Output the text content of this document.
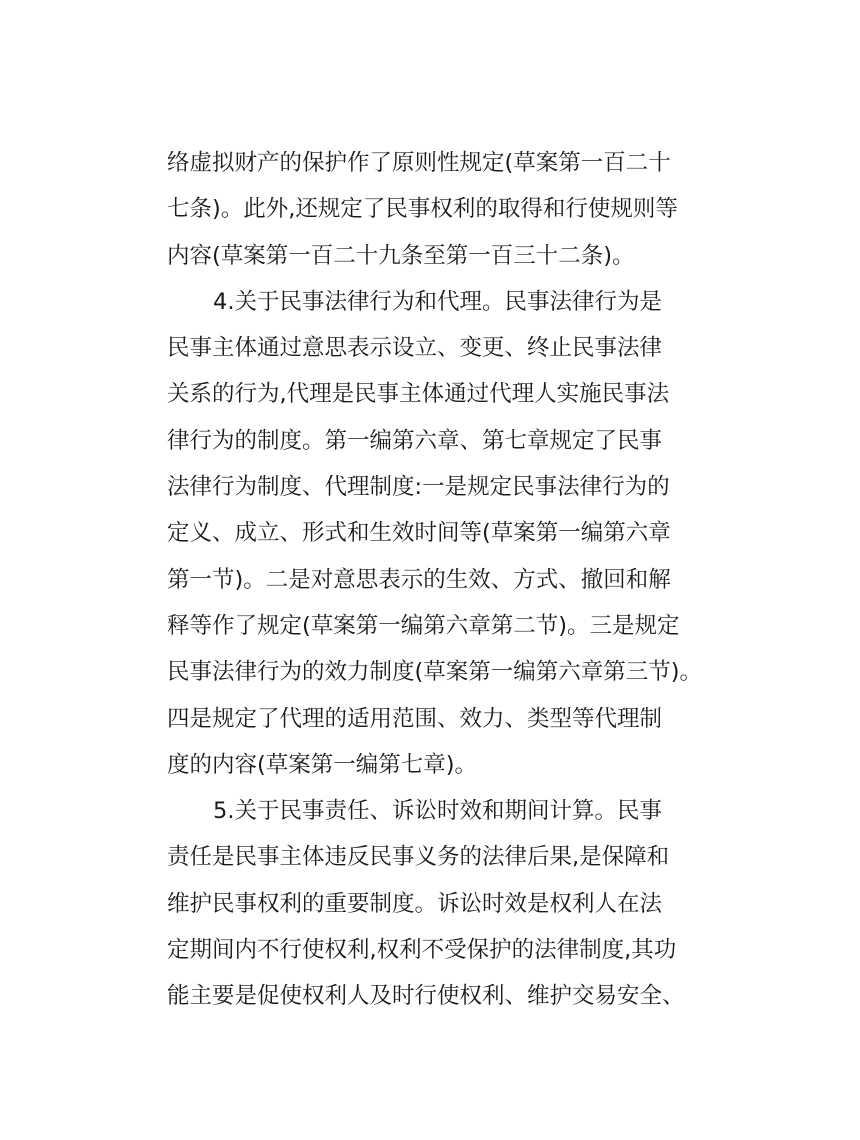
络虚拟财产的保护作了原则性规定(草案第一百二十
七条)。此外,还规定了民事权利的取得和行使规则等
内容(草案第一百二十九条至第一百三十二条)。
4.关于民事法律行为和代理。民事法律行为是
民事主体通过意思表示设立、变更、终止民事法律
关系的行为,代理是民事主体通过代理人实施民事法
律行为的制度。第一编第六章、第七章规定了民事
法律行为制度、代理制度:一是规定民事法律行为的
定义、成立、形式和生效时间等(草案第一编第六章
第一节)。二是对意思表示的生效、方式、撤回和解
释等作了规定(草案第一编第六章第二节)。三是规定
民事法律行为的效力制度(草案第一编第六章第三节)。
四是规定了代理的适用范围、效力、类型等代理制
度的内容(草案第一编第七章)。
5.关于民事责任、诉讼时效和期间计算。民事
责任是民事主体违反民事义务的法律后果,是保障和
维护民事权利的重要制度。诉讼时效是权利人在法
定期间内不行使权利,权利不受保护的法律制度,其功
能主要是促使权利人及时行使权利、维护交易安全、
